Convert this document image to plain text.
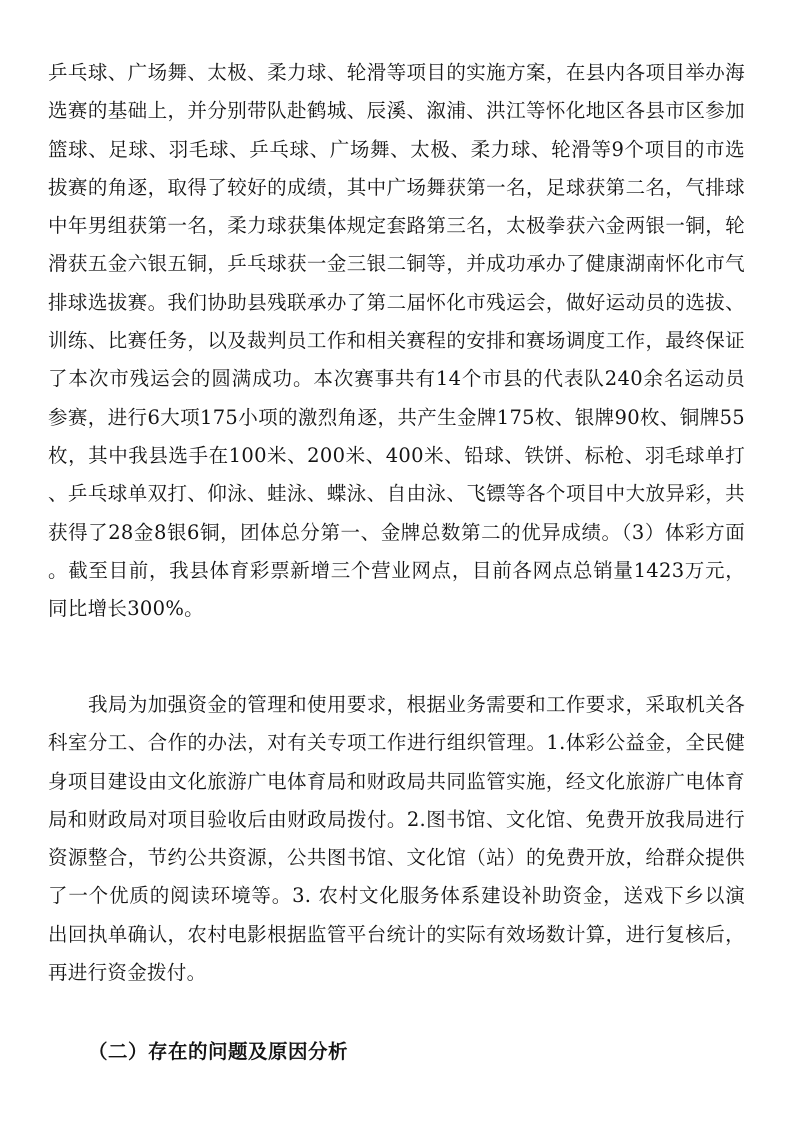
乒乓球、广场舞、太极、柔力球、轮滑等项目的实施方案，在县内各项目举办海选赛的基础上，并分别带队赴鹤城、辰溪、溆浦、洪江等怀化地区各县市区参加篮球、足球、羽毛球、乒乓球、广场舞、太极、柔力球、轮滑等9个项目的市选拔赛的角逐，取得了较好的成绩，其中广场舞获第一名，足球获第二名，气排球中年男组获第一名，柔力球获集体规定套路第三名，太极拳获六金两银一铜，轮滑获五金六银五铜，乒乓球获一金三银二铜等，并成功承办了健康湖南怀化市气排球选拔赛。我们协助县残联承办了第二届怀化市残运会，做好运动员的选拔、训练、比赛任务，以及裁判员工作和相关赛程的安排和赛场调度工作，最终保证了本次市残运会的圆满成功。本次赛事共有14个市县的代表队240余名运动员参赛，进行6大项175小项的激烈角逐，共产生金牌175枚、银牌90枚、铜牌55枚，其中我县选手在100米、200米、400米、铅球、铁饼、标枪、羽毛球单打、乒乓球单双打、仰泳、蛙泳、蝶泳、自由泳、飞镖等各个项目中大放异彩，共获得了28金8银6铜，团体总分第一、金牌总数第二的优异成绩。（3）体彩方面。截至目前，我县体育彩票新增三个营业网点，目前各网点总销量1423万元，同比增长300%。

我局为加强资金的管理和使用要求，根据业务需要和工作要求，采取机关各科室分工、合作的办法，对有关专项工作进行组织管理。1.体彩公益金，全民健身项目建设由文化旅游广电体育局和财政局共同监管实施，经文化旅游广电体育局和财政局对项目验收后由财政局拨付。2.图书馆、文化馆、免费开放我局进行资源整合，节约公共资源，公共图书馆、文化馆（站）的免费开放，给群众提供了一个优质的阅读环境等。3. 农村文化服务体系建设补助资金，送戏下乡以演出回执单确认，农村电影根据监管平台统计的实际有效场数计算，进行复核后，再进行资金拨付。

（二）存在的问题及原因分析
